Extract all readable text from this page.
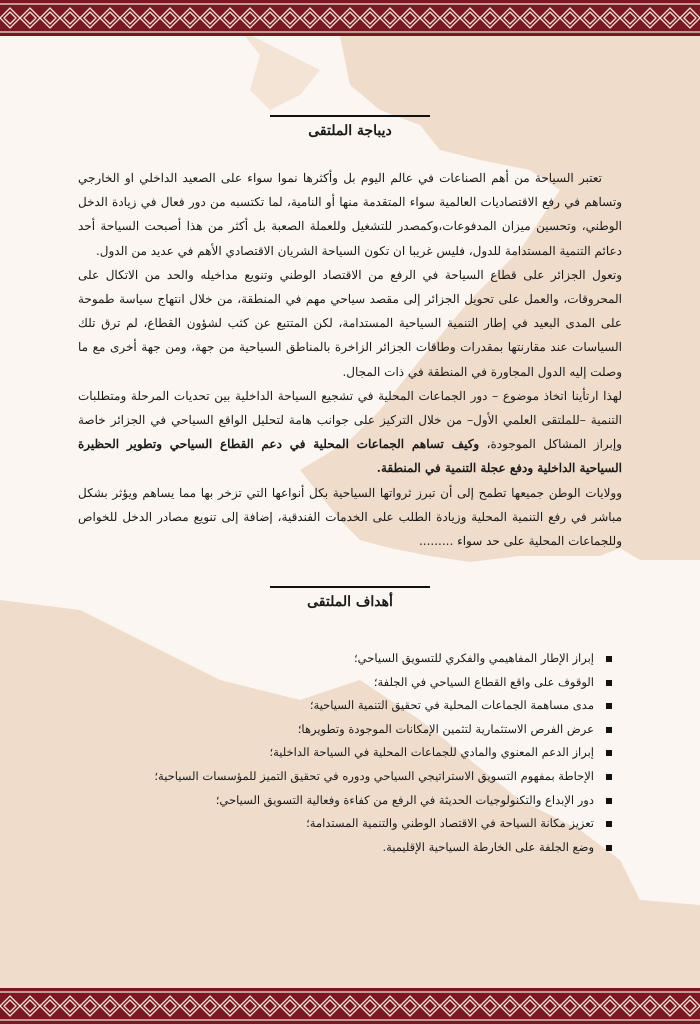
ديباجة الملتقى

تعتبر السياحة من أهم الصناعات في عالم اليوم بل وأكثرها نموا سواء على الصعيد الداخلي او الخارجي وتساهم في رفع الاقتصاديات العالمية سواء المتقدمة منها أو النامية، لما تكتسبه من دور فعال في زيادة الدخل الوطني، وتحسين ميزان المدفوعات،وكمصدر للتشغيل وللعملة الصعبة بل أكثر من هذا أصبحت السياحة أحد دعائم التنمية المستدامة للدول، فليس غريبا ان تكون السياحة الشريان الاقتصادي الأهم في عديد من الدول.

وتعول الجزائر على قطاع السياحة في الرفع من الاقتصاد الوطني وتنويع مداخيله والحد من الاتكال على المحروقات، والعمل على تحويل الجزائر إلى مقصد سياحي مهم في المنطقة، من خلال انتهاج سياسة طموحة على المدى البعيد في إطار التنمية السياحية المستدامة، لكن المتتبع عن كثب لشؤون القطاع، لم ترق تلك السياسات عند مقارنتها بمقدرات وطاقات الجزائر الزاخرة بالمناطق السياحية من جهة، ومن جهة أخرى مع ما وصلت إليه الدول المجاورة في المنطقة في ذات المجال.

لهذا ارتأينا اتخاذ موضوع – دور الجماعات المحلية في تشجيع السياحة الداخلية بين تحديات المرحلة ومتطلبات التنمية –للملتقى العلمي الأول– من خلال التركيز على جوانب هامة لتحليل الواقع السياحي في الجزائر خاصة وإبراز المشاكل الموجودة، وكيف تساهم الجماعات المحلية في دعم القطاع السياحي وتطوير الحظيرة السياحية الداخلية ودفع عجلة التنمية في المنطقة.

وولايات الوطن جميعها تطمح إلى أن تبرز ثرواتها السياحية بكل أنواعها التي تزخر بها مما يساهم ويؤثر بشكل مباشر في رفع التنمية المحلية وزيادة الطلب على الخدمات الفندقية، إضافة إلى تنويع مصادر الدخل للخواص وللجماعات المحلية على حد سواء .........

أهداف الملتقى
إبراز الإطار المفاهيمي والفكري للتسويق السياحي؛
الوقوف على واقع القطاع السياحي في الجلفة؛
مدى مساهمة الجماعات المحلية في تحقيق التنمية السياحية؛
عرض الفرص الاستثمارية لتثمين الإمكانات الموجودة وتطويرها؛
إبراز الدعم المعنوي والمادي للجماعات المحلية في السياحة الداخلية؛
الإحاطة بمفهوم التسويق الاستراتيجي السياحي ودوره في تحقيق التميز للمؤسسات السياحية؛
دور الإبداع والتكنولوجيات الحديثة في الرفع من كفاءة وفعالية التسويق السياحي؛
تعزيز مكانة السياحة في الاقتصاد الوطني والتنمية المستدامة؛
وضع الجلفة على الخارطة السياحية الإقليمية.
